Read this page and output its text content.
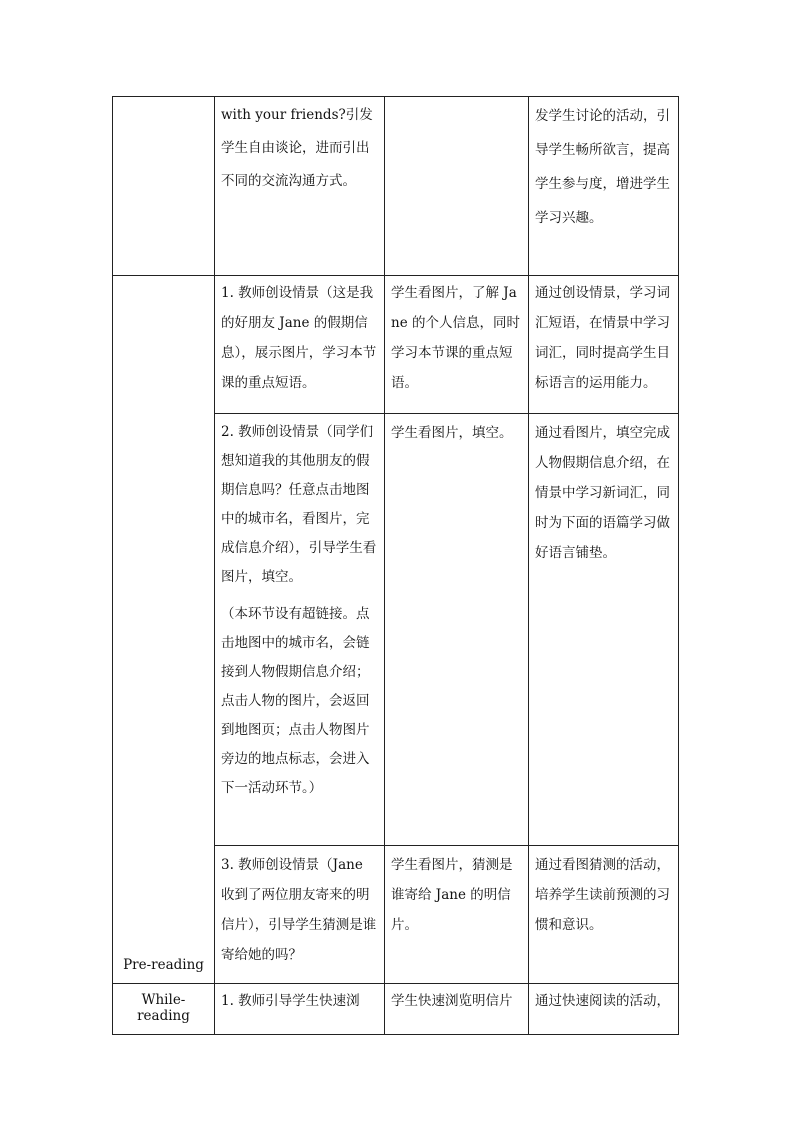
	with your friends?引发学生自由谈论，进而引出不同的交流沟通方式。		发学生讨论的活动，引导学生畅所欲言，提高学生参与度，增进学生学习兴趣。

Pre-reading	1. 教师创设情景（这是我的好朋友 Jane 的假期信息），展示图片，学习本节课的重点短语。	学生看图片，了解 Jane 的个人信息，同时学习本节课的重点短语。	通过创设情景，学习词汇短语，在情景中学习词汇，同时提高学生目标语言的运用能力。

	2. 教师创设情景（同学们想知道我的其他朋友的假期信息吗？任意点击地图中的城市名，看图片，完成信息介绍），引导学生看图片，填空。
（本环节设有超链接。点击地图中的城市名，会链接到人物假期信息介绍；点击人物的图片，会返回到地图页；点击人物图片旁边的地点标志，会进入下一活动环节。）	学生看图片，填空。	通过看图片，填空完成人物假期信息介绍，在情景中学习新词汇，同时为下面的语篇学习做好语言铺垫。

	3. 教师创设情景（Jane 收到了两位朋友寄来的明信片），引导学生猜测是谁寄给她的吗？	学生看图片，猜测是谁寄给 Jane 的明信片。	通过看图猜测的活动，培养学生读前预测的习惯和意识。

While-reading	1. 教师引导学生快速浏	学生快速浏览明信片	通过快速阅读的活动，
